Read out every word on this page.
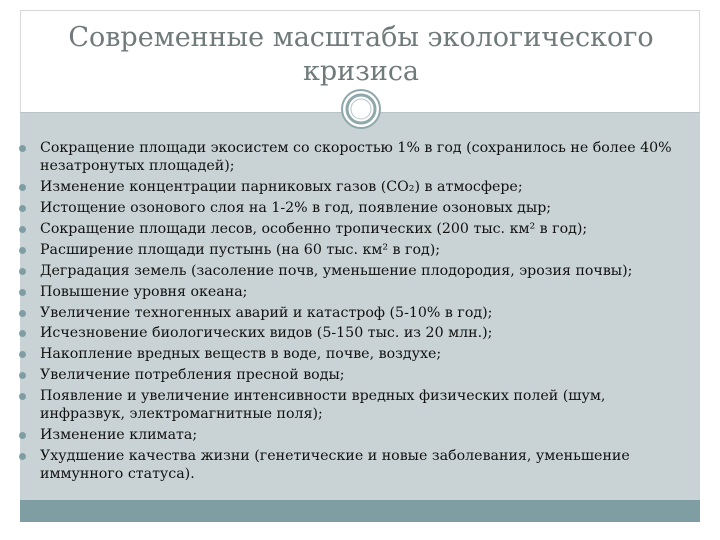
Современные масштабы экологического
кризиса
Сокращение площади экосистем со скоростью 1% в год (сохранилось не более 40% незатронутых площадей);
Изменение концентрации парниковых газов (СО₂) в атмосфере;
Истощение озонового слоя на 1-2% в год, появление озоновых дыр;
Сокращение площади лесов, особенно тропических (200 тыс. км² в год);
Расширение площади пустынь (на 60 тыс. км² в год);
Деградация земель (засоление почв, уменьшение плодородия, эрозия почвы);
Повышение уровня океана;
Увеличение техногенных аварий и катастроф (5-10% в год);
Исчезновение биологических видов (5-150 тыс. из 20 млн.);
Накопление вредных веществ в воде, почве, воздухе;
Увеличение потребления пресной воды;
Появление и увеличение интенсивности вредных физических полей (шум, инфразвук, электромагнитные поля);
Изменение климата;
Ухудшение качества жизни (генетические и новые заболевания, уменьшение иммунного статуса).
